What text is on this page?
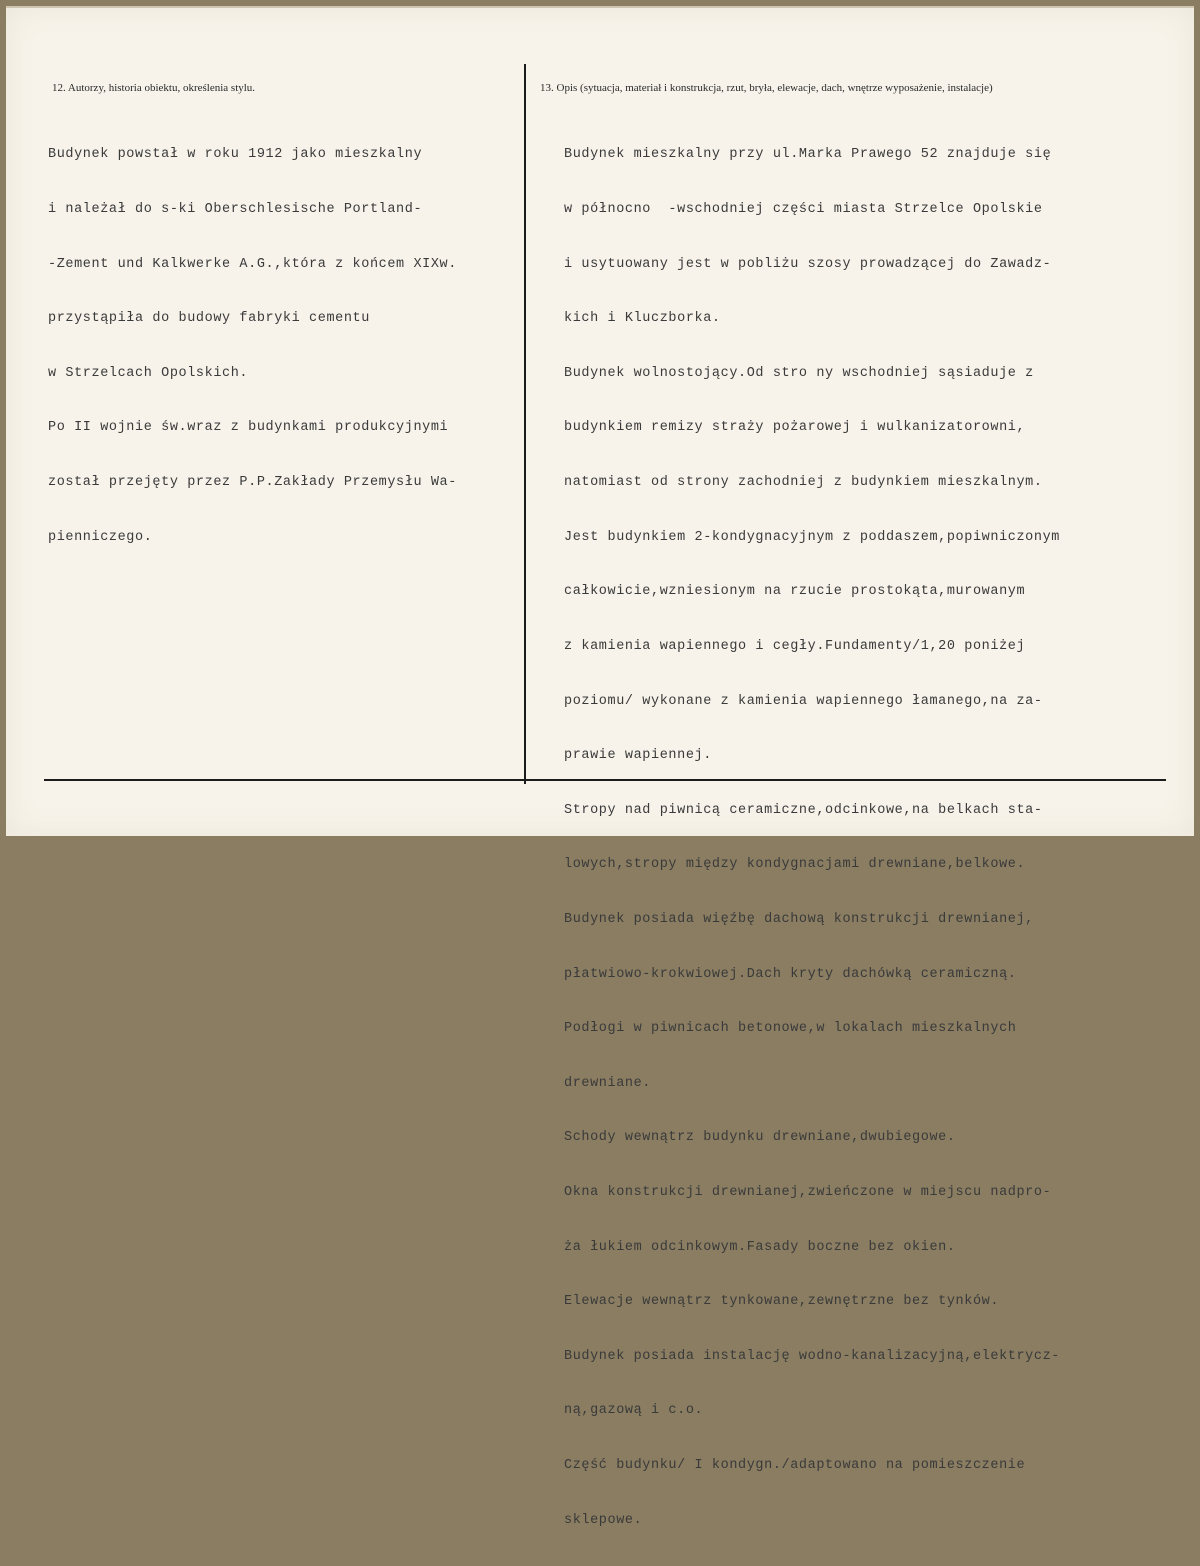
12. Autorzy, historia obiektu, określenia stylu.	13. Opis (sytuacja, materiał i konstrukcja, rzut, bryła, elewacje, dach, wnętrze wyposażenie, instalacje)

Budynek powstał w roku 1912 jako mieszkalny

i należał do s-ki Oberschlesische Portland-

-Zement und Kalkwerke A.G.,która z końcem XIXw.

przystąpiła do budowy fabryki cementu

w Strzelcach Opolskich.

Po II wojnie św.wraz z budynkami produkcyjnymi

został przejęty przez P.P.Zakłady Przemysłu Wa-

pienniczego.

Budynek mieszkalny przy ul.Marka Prawego 52 znajduje się

w północno  -wschodniej części miasta Strzelce Opolskie

i usytuowany jest w pobliżu szosy prowadzącej do Zawadz-

kich i Kluczborka.

Budynek wolnostojący.Od stro ny wschodniej sąsiaduje z

budynkiem remizy straży pożarowej i wulkanizatorowni,

natomiast od strony zachodniej z budynkiem mieszkalnym.

Jest budynkiem 2-kondygnacyjnym z poddaszem,popiwniczonym

całkowicie,wzniesionym na rzucie prostokąta,murowanym

z kamienia wapiennego i cegły.Fundamenty/1,20 poniżej

poziomu/ wykonane z kamienia wapiennego łamanego,na za-

prawie wapiennej.

Stropy nad piwnicą ceramiczne,odcinkowe,na belkach sta-

lowych,stropy między kondygnacjami drewniane,belkowe.

Budynek posiada więźbę dachową konstrukcji drewnianej,

płatwiowo-krokwiowej.Dach kryty dachówką ceramiczną.

Podłogi w piwnicach betonowe,w lokalach mieszkalnych

drewniane.

Schody wewnątrz budynku drewniane,dwubiegowe.

Okna konstrukcji drewnianej,zwieńczone w miejscu nadpro-

ża łukiem odcinkowym.Fasady boczne bez okien.

Elewacje wewnątrz tynkowane,zewnętrzne bez tynków.

Budynek posiada instalację wodno-kanalizacyjną,elektrycz-

ną,gazową i c.o.

Część budynku/ I kondygn./adaptowano na pomieszczenie

sklepowe.
